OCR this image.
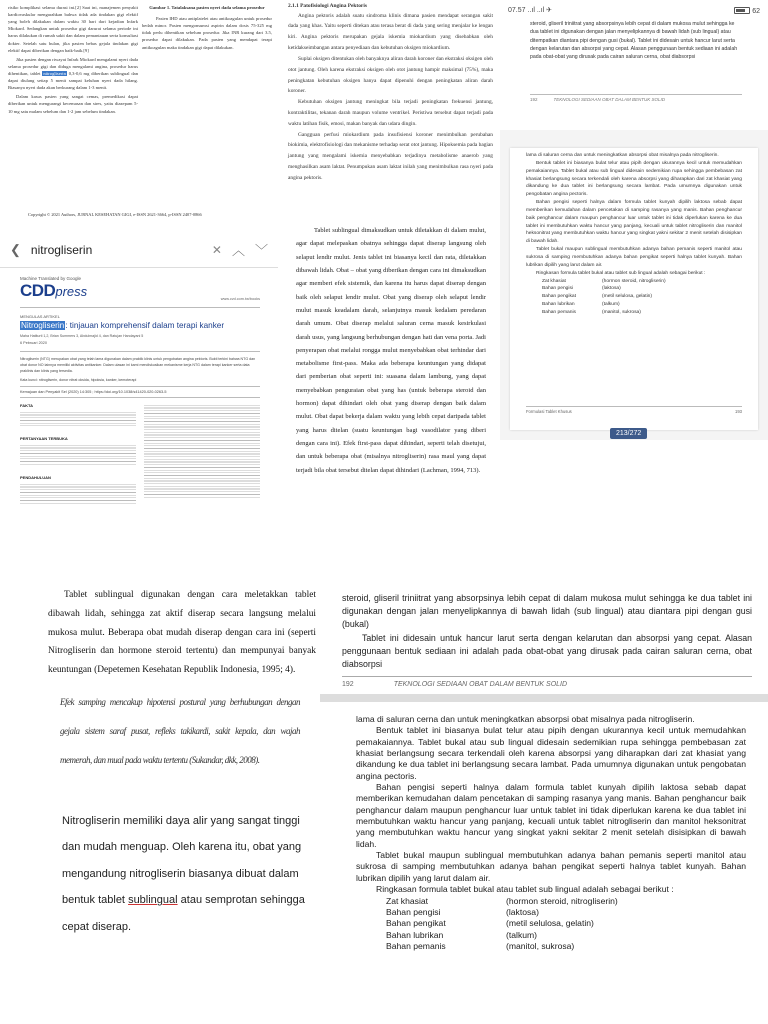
risiko komplikasi selama durasi ini.[2] Saat ini, manajemen penyakit kardiovaskular mengarahkan bahwa tidak ada tindakan gigi elektif yang boleh dilakukan dalam waktu 30 hari dari kejadian Infark Miokard. Sedangkan untuk prosedur gigi darurat selama periode ini harus dilakukan di rumah sakit dan dalam pemantauan serta konsultasi dokter. Setelah satu bulan, jika pasien bebas gejala tindakan gigi elektif dapat diberikan dengan baik-baik.[9]

Jika pasien dengan riwayat Infark Miokard mengalami nyeri dada selama prosedur gigi dan diduga mengalami angina, prosedur harus dihentikan, tablet nitrogliserin 0,3-0,6 mg diberikan sublingual dan dapat diulang setiap 5 menit sampai keluhan nyeri dada hilang. Biasanya nyeri dada akan berkurang dalam 1-3 menit.

Dalam kasus pasien yang sangat cemas, premedikasi dapat diberikan untuk mengurangi kecemasan dan stres, yaitu diazepam 5-10 mg satu malam sebelum dan 1-2 jam sebelum tindakan.

Gambar 1. Tatalaksana pasien nyeri dada selama prosedur

Pasien IHD atau antiplatelet atau antikoagulan untuk prosedur bedah minor. Pasien mengonsumsi aspirin dalam dosis 75-325 mg tidak perlu dihentikan sebelum prosedur. Jika INR kurang dari 3.5, prosedur dapat dilakukan. Pada pasien yang mendapat terapi antikoagulan maka tindakan gigi dapat dilakukan.

Copyright © 2021 Authors, JURNAL KESEHATAN GIGI, e-ISSN 2621-3664, p-ISSN 2407-0866

2.1.1 Patofisiologi Angina Pektoris

Angina pektoris adalah suatu sindroma klinis dimana pasien mendapat serangan sakit dada yang khas. Yaitu seperti ditekan atau terasa berat di dada yang sering menjalar ke lengan kiri. Angina pektoris merupakan gejala iskemia miokardium yang disebabkan oleh ketidakseimbangan antara penyediaan dan kebutuhan oksigen miokardium.

Suplai oksigen ditentukan oleh banyaknya aliran darah koroner dan ekstraksi oksigen oleh otot jantung. Oleh karena ekstraksi oksigen oleh otot jantung hampir maksimal (75%), maka peningkatan kebutuhan oksigen hanya dapat dipenuhi dengan peningkatan aliran darah koroner.

Kebutuhan oksigen jantung meningkat bila terjadi peningkatan frekuensi jantung, kontraktilitas, tekanan darah maupun volume ventrikel. Peristiwa tersebut dapat terjadi pada waktu latihan fisik, emosi, makan banyak dan udara dingin.

Gangguan perfusi miokardium pada insufisiensi koroner menimbulkan perubahan biokimia, elektrofisiologi dan mekanisme terhadap serat otot jantung. Hipoksemia pada bagian jantung yang mengalami iskemia menyebabkan terjadinya metabolisme anaerob yang menghasilkan asam laktat. Penumpukan asam laktat inilah yang menimbulkan rasa nyeri pada angina pektoris.

07.57 ..ıl ..ıl ✈	62
steroid, gliseril triniitrat yang absorpsinya lebih cepat di dalam mukosa mulut sehingga ke dua tablet ini digunakan dengan jalan menyelipkannya di bawah lidah (sub lingual) atau ditempatkan diantara pipi dengan gusi (bukal). Tablet ini didesain untuk hancur larut serta dengan kelarutan dan absorpsi yang cepat. Alasan penggunaan bentuk sediaan ini adalah pada obat-obat yang dirusak pada cairan saluran cerna, obat diabsorpsi
192	TEKNOLOGI SEDIAAN OBAT DALAM BENTUK SOLID
❮ nitrogliserin	✕ ︿ ﹀
Machine Translated by Google
CDDpress	www.cvd.com.tw/books
MENGULAS ARTIKEL
Nitrogliserin: tinjauan komprehensif dalam terapi kanker
Maha Hatiturti 1,2, Brian Summers 3, Abdulmajid 4, dan Ratujan Handayani 5
6 Pebruari 2020
Nitrogliserin (NTG) merupakan obat yang telah lama digunakan dalam praktik klinis untuk pengobatan angina pektoris. Bukti terkini bahwa NTG dan obat donor NO lainnya memiliki aktivitas antikanker. Dalam ulasan ini kami mendiskusikan mekanisme kerja NTG dalam terapi kanker serta data praklinis dan klinis yang tersedia.
Kata kunci: nitrogliserin, donor nitrat oksida, hipoksia, kanker, kemoterapi
Kemajuan dan Penyakit Sel (2020) 14:305 ; https://doi.org/10.1038/s41420-020-0263-5
FAKTA
PERTANYAAN TERBUKA
PENDAHULUAN

Tablet sublingual dimaksudkan untuk diletakkan di dalam mulut, agar dapat melepaskan obatnya sehingga dapat diserap langsung oleh selaput lendir mulut. Jenis tablet ini biasanya kecil dan rata, diletakkan dibawah lidah. Obat – obat yang diberikan dengan cara ini dimaksudkan agar memberi efek sistemik, dan karena itu harus dapat diserap dengan baik oleh selaput lendir mulut. Obat yang diserap oleh selaput lendir mulut masuk keadalam darah, selanjutnya masuk kedalam peredaran darah umum. Obat diserap melalui saluran cerna masuk kesirkulasi darah usus, yang langsung berhubungan dengan hati dan vena porta. Jadi penyerapan obat melalui rongga mulut menyebabkan obat terhindar dari metabolisme first-pass. Maka ada beberapa keuntungan yang didapat dari pemberian obat seperti ini: suasana dalam lambung, yang dapat menyebabkan penguraian obat yang has (untuk beberapa steroid dan hormon) dapat dihindari oleh obat yang diserap dengan baik dalam mulut. Obat dapat bekerja dalam waktu yang lebih cepat daripada tablet yang harus ditelan (suatu keuntungan bagi vasodilator yang diberi dengan cara ini). Efek first-pass dapat dihindari, seperti telah disetujui, dan untuk beberapa obat (misalnya nitrogliserin) rasa maul yang dapat terjadi bila obat tersebut ditelan dapat dihindari (Lachman, 1994, 713).

lama di saluran cerna dan untuk meningkatkan absorpsi obat misalnya pada nitrogliserin.

Bentuk tablet ini biasanya bulat telur atau pipih dengan ukurannya kecil untuk memudahkan pemakaiannya. Tablet bukal atau sub lingual didesain sedemikian rupa sehingga pembebasan zat khasiat berlangsung secara terkendali oleh karena absorpsi yang diharapkan dari zat khasiat yang dikandung ke dua tablet ini berlangsung secara lambat. Pada umumnya digunakan untuk pengobatan angina pectoris.

Bahan pengisi seperti halnya dalam formula tablet kunyah dipilih laktosa sebab dapat memberikan kemudahan dalam pencetakan di samping rasanya yang manis. Bahan penghancur baik penghancur dalam maupun penghancur luar untuk tablet ini tidak diperlukan karena ke dua tablet ini membutuhkan waktu hancur yang panjang, kecuali untuk tablet nitrogliserin dan manitol heksonitrat yang membutuhkan waktu hancur yang singkat yakni sekitar 2 menit setelah disisipkan di bawah lidah.

Tablet bukal maupun sublingual membutuhkan adanya bahan pemanis seperti manitol atau sukrosa di samping membutuhkan adanya bahan pengikat seperti halnya tablet kunyah. Bahan lubrikan dipilih yang larut dalam air.

Ringkasan formula tablet bukal atau tablet sub lingual adalah sebagai berikut :

Zat khasiat	(hormon steroid, nitrogliserin)
Bahan pengisi	(laktosa)
Bahan pengikat	(metil selulosa, gelatin)
Bahan lubrikan	(talkum)
Bahan pemanis	(manitol, sukrosa)
Formulasi Tablet Khusus	193
213/272

Tablet sublingual digunakan dengan cara meletakkan tablet dibawah lidah, sehingga zat aktif diserap secara langsung melalui mukosa mulut. Beberapa obat mudah diserap dengan cara ini (seperti Nitrogliserin dan hormone steroid tertentu) dan mempunyai banyak keuntungan (Depetemen Kesehatan Republik Indonesia, 1995; 4).

Efek samping mencakup hipotensi postural yang berhubungan dengan gejala sistem saraf pusat, refleks takikardi, sakit kepala, dan wajah memerah, dan mual pada waktu tertentu (Sukandar, dkk, 2008).

Nitrogliserin memiliki daya alir yang sangat tinggi dan mudah menguap. Oleh karena itu, obat yang mengandung nitrogliserin biasanya dibuat dalam bentuk tablet sublingual atau semprotan sehingga cepat diserap.

steroid, gliseril triniitrat yang absorpsinya lebih cepat di dalam mukosa mulut sehingga ke dua tablet ini digunakan dengan jalan menyelipkannya di bawah lidah (sub lingual) atau diantara pipi dengan gusi (bukal)

Tablet ini didesain untuk hancur larut serta dengan kelarutan dan absorpsi yang cepat. Alasan penggunaan bentuk sediaan ini adalah pada obat-obat yang dirusak pada cairan saluran cerna, obat diabsorpsi

192	TEKNOLOGI SEDIAAN OBAT DALAM BENTUK SOLID

lama di saluran cerna dan untuk meningkatkan absorpsi obat misalnya pada nitrogliserin.

Bentuk tablet ini biasanya bulat telur atau pipih dengan ukurannya kecil untuk memudahkan pemakaiannya. Tablet bukal atau sub lingual didesain sedemikian rupa sehingga pembebasan zat khasiat berlangsung secara terkendali oleh karena absorpsi yang diharapkan dari zat khasiat yang dikandung ke dua tablet ini berlangsung secara lambat. Pada umumnya digunakan untuk pengobatan angina pectoris.

Bahan pengisi seperti halnya dalam formula tablet kunyah dipilih laktosa sebab dapat memberikan kemudahan dalam pencetakan di samping rasanya yang manis. Bahan penghancur baik penghancur dalam maupun penghancur luar untuk tablet ini tidak diperlukan karena ke dua tablet ini membutuhkan waktu hancur yang panjang, kecuali untuk tablet nitrogliserin dan manitol heksonitrat yang membutuhkan waktu hancur yang singkat yakni sekitar 2 menit setelah disisipkan di bawah lidah.

Tablet bukal maupun sublingual membutuhkan adanya bahan pemanis seperti manitol atau sukrosa di samping membutuhkan adanya bahan pengikat seperti halnya tablet kunyah. Bahan lubrikan dipilih yang larut dalam air.

Ringkasan formula tablet bukal atau tablet sub lingual adalah sebagai berikut :

Zat khasiat	(hormon steroid, nitrogliserin)
Bahan pengisi	(laktosa)
Bahan pengikat	(metil selulosa, gelatin)
Bahan lubrikan	(talkum)
Bahan pemanis	(manitol, sukrosa)
